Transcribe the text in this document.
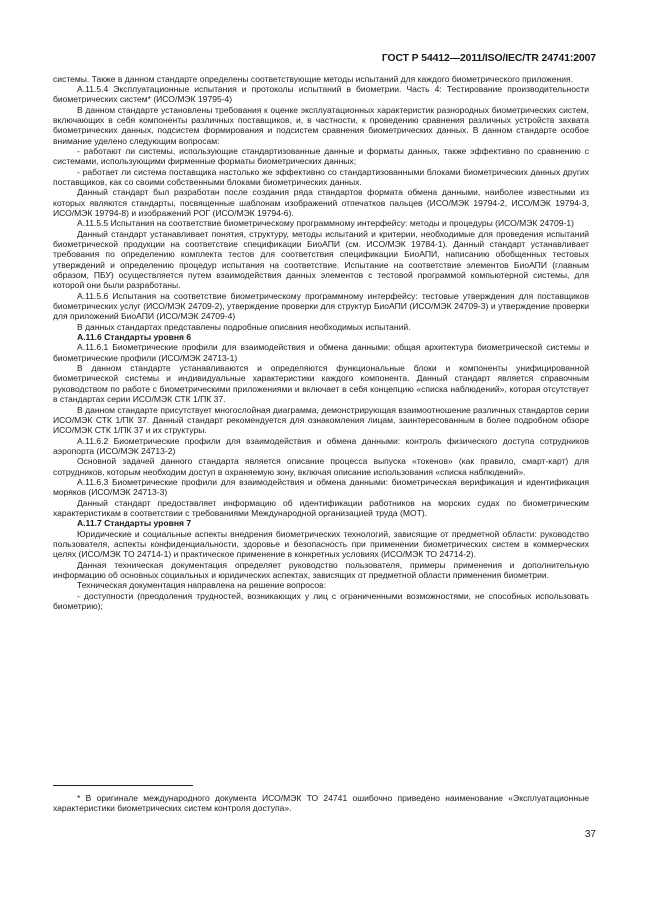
ГОСТ Р 54412—2011/ISO/IEC/TR 24741:2007

системы. Также в данном стандарте определены соответствующие методы испытаний для каждого биометрического приложения.

A.11.5.4 Эксплуатационные испытания и протоколы испытаний в биометрии. Часть 4: Тестирование производительности биометрических систем* (ИСО/МЭК 19795-4)

В данном стандарте установлены требования к оценке эксплуатационных характеристик разнородных биометрических систем, включающих в себя компоненты различных поставщиков, и, в частности, к проведению сравнения различных устройств захвата биометрических данных, подсистем формирования и подсистем сравнения биометрических данных. В данном стандарте особое внимание уделено следующим вопросам:

- работают ли системы, использующие стандартизованные данные и форматы данных, также эффективно по сравнению с системами, использующими фирменные форматы биометрических данных;

- работает ли система поставщика настолько же эффективно со стандартизованными блоками биометрических данных других поставщиков, как со своими собственными блоками биометрических данных.

Данный стандарт был разработан после создания ряда стандартов формата обмена данными, наиболее известными из которых являются стандарты, посвященные шаблонам изображений отпечатков пальцев (ИСО/МЭК 19794-2, ИСО/МЭК 19794-3, ИСО/МЭК 19794-8) и изображений РОГ (ИСО/МЭК 19794-6).

A.11.5.5 Испытания на соответствие биометрическому программному интерфейсу: методы и процедуры (ИСО/МЭК 24709-1)

Данный стандарт устанавливает понятия, структуру, методы испытаний и критерии, необходимые для проведения испытаний биометрической продукции на соответствие спецификации БиоАПИ (см. ИСО/МЭК 19784-1). Данный стандарт устанавливает требования по определению комплекта тестов для соответствия спецификации БиоАПИ, написанию обобщенных тестовых утверждений и определению процедур испытания на соответствие. Испытание на соответствие элементов БиоАПИ (главным образом, ПБУ) осуществляется путем взаимодействия данных элементов с тестовой программой компьютерной системы, для которой они были разработаны.

A.11.5.6 Испытания на соответствие биометрическому программному интерфейсу: тестовые утверждения для поставщиков биометрических услуг (ИСО/МЭК 24709-2), утверждение проверки для структур БиоАПИ (ИСО/МЭК 24709-3) и утверждение проверки для приложений БиоАПИ (ИСО/МЭК 24709-4)

В данных стандартах представлены подробные описания необходимых испытаний.

A.11.6 Стандарты уровня 6

A.11.6.1 Биометрические профили для взаимодействия и обмена данными: общая архитектура биометрической системы и биометрические профили (ИСО/МЭК 24713-1)

В данном стандарте устанавливаются и определяются функциональные блоки и компоненты унифицированной биометрической системы и индивидуальные характеристики каждого компонента. Данный стандарт является справочным руководством по работе с биометрическими приложениями и включает в себя концепцию «списка наблюдений», которая отсутствует в стандартах серии ИСО/МЭК СТК 1/ПК 37.

В данном стандарте присутствует многослойная диаграмма, демонстрирующая взаимоотношение различных стандартов серии ИСО/МЭК СТК 1/ПК 37. Данный стандарт рекомендуется для ознакомления лицам, заинтересованным в более подробном обзоре ИСО/МЭК СТК 1/ПК 37 и их структуры.

A.11.6.2 Биометрические профили для взаимодействия и обмена данными: контроль физического доступа сотрудников аэропорта (ИСО/МЭК 24713-2)

Основной задачей данного стандарта является описание процесса выпуска «токенов» (как правило, смарт-карт) для сотрудников, которым необходим доступ в охраняемую зону, включая описание использования «списка наблюдений».

A.11.6.3 Биометрические профили для взаимодействия и обмена данными: биометрическая верификация и идентификация моряков (ИСО/МЭК 24713-3)

Данный стандарт предоставляет информацию об идентификации работников на морских судах по биометрическим характеристикам в соответствии с требованиями Международной организацией труда (МОТ).

A.11.7 Стандарты уровня 7

Юридические и социальные аспекты внедрения биометрических технологий, зависящие от предметной области: руководство пользователя, аспекты конфиденциальности, здоровье и безопасность при применении биометрических систем в коммерческих целях (ИСО/МЭК ТО 24714-1) и практическое применение в конкретных условиях (ИСО/МЭК ТО 24714-2).

Данная техническая документация определяет руководство пользователя, примеры применения и дополнительную информацию об основных социальных и юридических аспектах, зависящих от предметной области применения биометрии.

Техническая документация направлена на решение вопросов:

- доступности (преодоления трудностей, возникающих у лиц с ограниченными возможностями, не способных использовать биометрию);

* В оригинале международного документа ИСО/МЭК ТО 24741 ошибочно приведено наименование «Эксплуатационные характеристики биометрических систем контроля доступа».

37
